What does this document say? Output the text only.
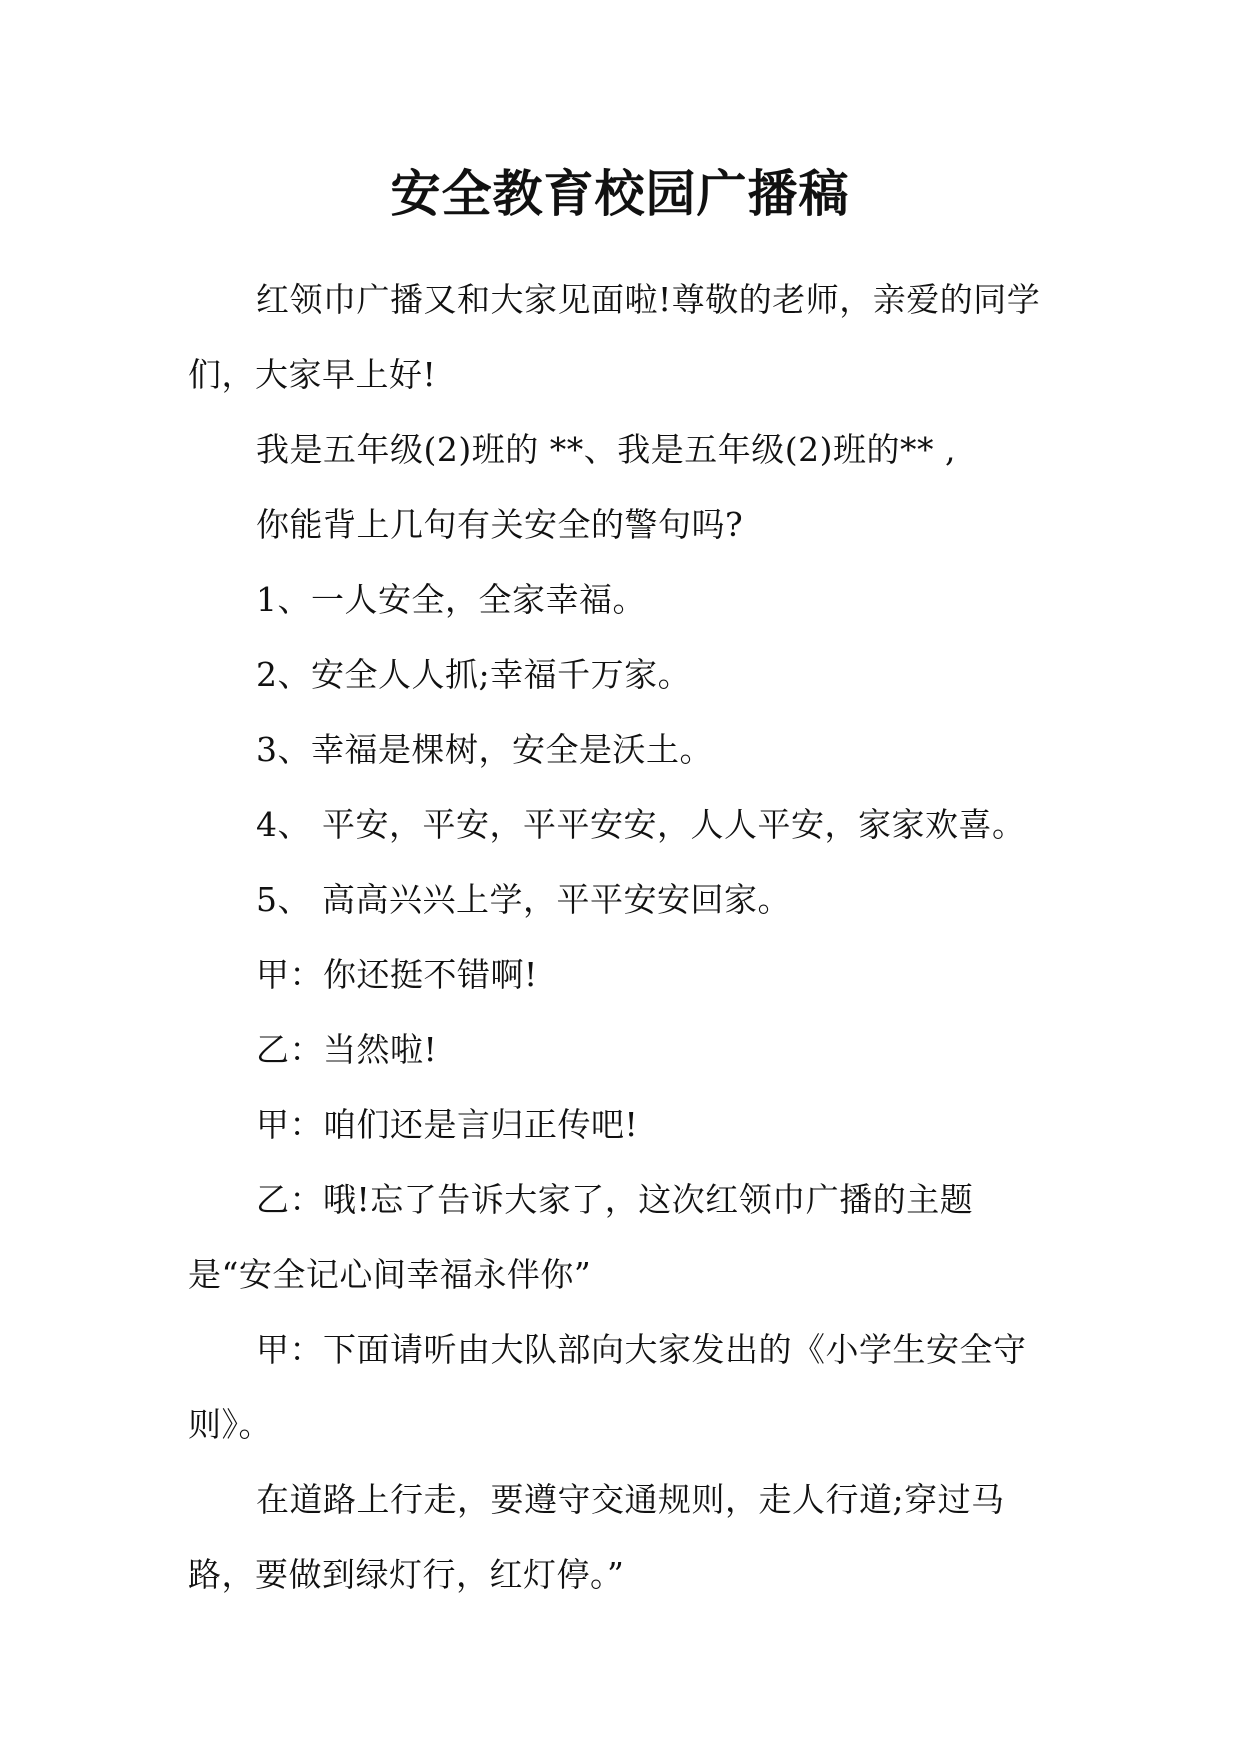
安全教育校园广播稿

红领巾广播又和大家见面啦!尊敬的老师，亲爱的同学们，大家早上好!

我是五年级(2)班的 **、我是五年级(2)班的** ,

你能背上几句有关安全的警句吗?

1、一人安全，全家幸福。

2、安全人人抓;幸福千万家。

3、幸福是棵树，安全是沃土。

4、 平安，平安，平平安安，人人平安，家家欢喜。

5、 高高兴兴上学，平平安安回家。

甲：你还挺不错啊!

乙：当然啦!

甲：咱们还是言归正传吧!

乙：哦!忘了告诉大家了，这次红领巾广播的主题是“安全记心间幸福永伴你”

甲：下面请听由大队部向大家发出的《小学生安全守则》。

在道路上行走，要遵守交通规则，走人行道;穿过马路，要做到绿灯行，红灯停。”
